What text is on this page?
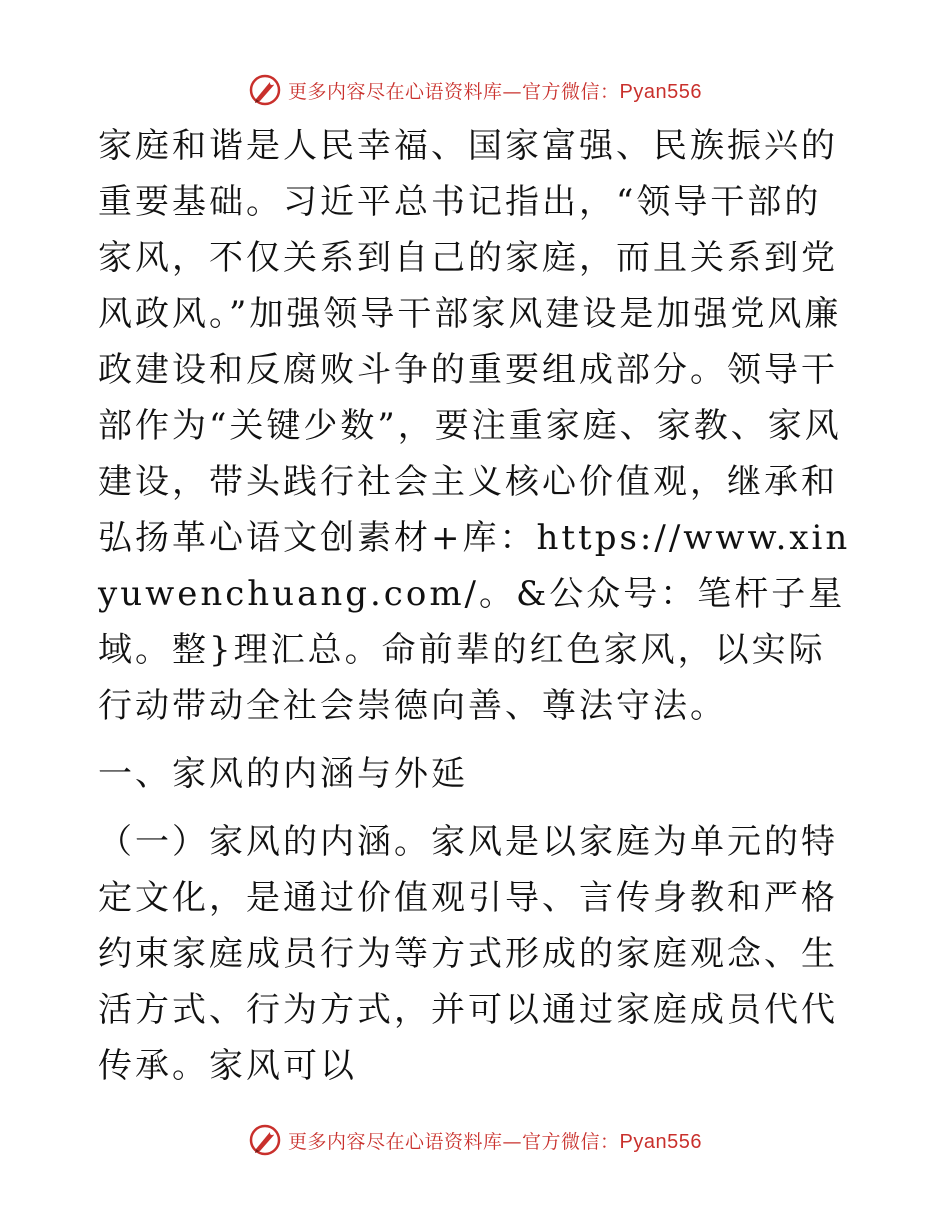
更多内容尽在心语资料库—官方微信：Pyan556

家庭和谐是人民幸福、国家富强、民族振兴的重要基础。习近平总书记指出，“领导干部的家风，不仅关系到自己的家庭，而且关系到党风政风。”加强领导干部家风建设是加强党风廉政建设和反腐败斗争的重要组成部分。领导干部作为“关键少数”，要注重家庭、家教、家风建设，带头践行社会主义核心价值观，继承和弘扬革心语文创素材+库：https://www.xinyuwenchuang.com/。&公众号：笔杆子星域。整}理汇总。命前辈的红色家风，以实际行动带动全社会崇德向善、尊法守法。

一、家风的内涵与外延

（一）家风的内涵。家风是以家庭为单元的特定文化，是通过价值观引导、言传身教和严格约束家庭成员行为等方式形成的家庭观念、生活方式、行为方式，并可以通过家庭成员代代传承。家风可以

更多内容尽在心语资料库—官方微信：Pyan556
